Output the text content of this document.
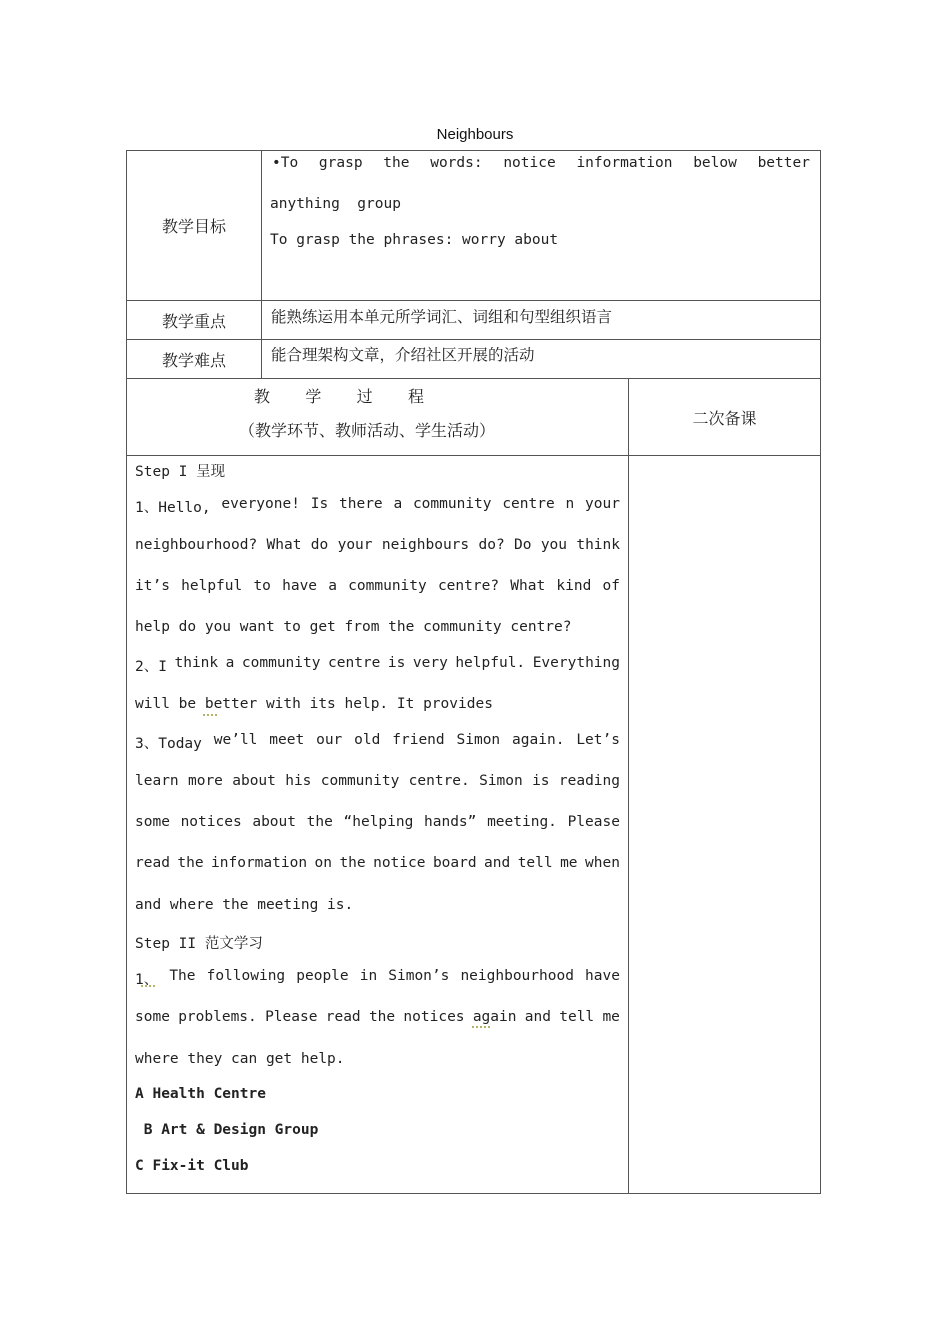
Neighbours
教学目标
•To grasp the words: notice information below better
anything  group
To grasp the phrases: worry about
教学重点	能熟练运用本单元所学词汇、词组和句型组织语言
教学难点	能合理架构文章，介绍社区开展的活动
教 学 过 程
（教学环节、教师活动、学生活动）
二次备课
Step I 呈现
1、Hello, everyone! Is there a community centre n your
neighbourhood? What do your neighbours do? Do you think
it’s helpful to have a community centre? What kind of
help do you want to get from the community centre?
2、I think a community centre is very helpful. Everything
will be better with its help. It provides
3、Today we’ll meet our old friend Simon again. Let’s
learn more about his community centre. Simon is reading
some notices about the “helping hands” meeting. Please
read the information on the notice board and tell me when
and where the meeting is.
Step II 范文学习
1、 The following people in Simon’s neighbourhood have
some problems. Please read the notices again and tell me
where they can get help.
A Health Centre
B Art & Design Group
C Fix-it Club
